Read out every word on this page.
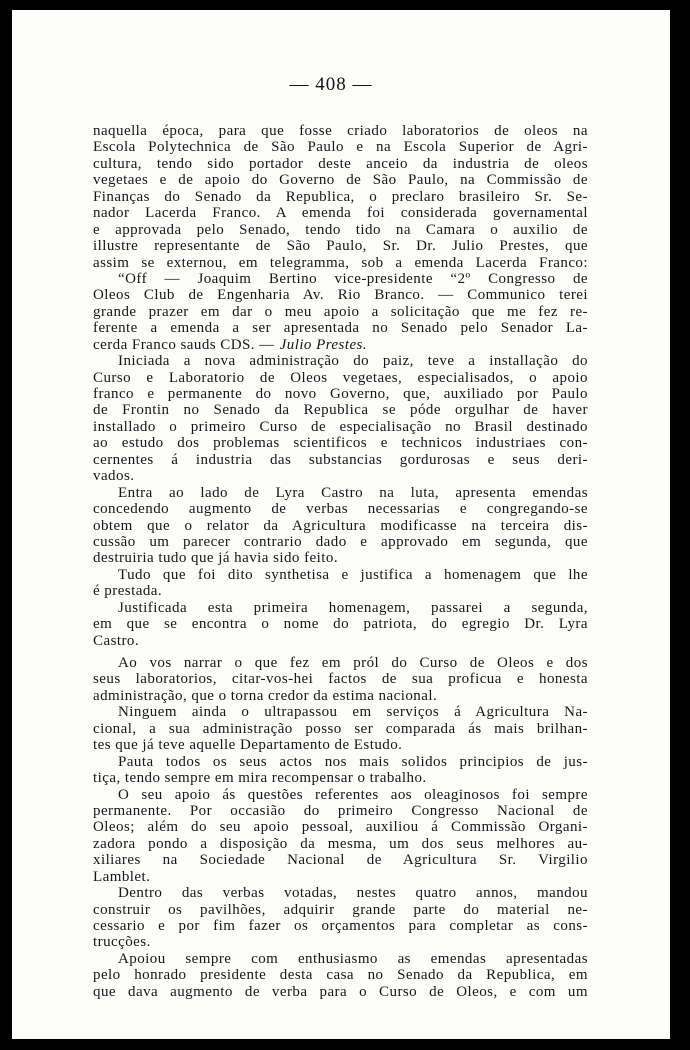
— 408 —
naquella época, para que fosse criado laboratorios de oleos na
Escola Polytechnica de São Paulo e na Escola Superior de Agri-
cultura, tendo sido portador deste anceio da industria de oleos
vegetaes e de apoio do Governo de São Paulo, na Commissão de
Finanças do Senado da Republica, o preclaro brasileiro Sr. Se-
nador Lacerda Franco. A emenda foi considerada governamental
e approvada pelo Senado, tendo tido na Camara o auxilio de
illustre representante de São Paulo, Sr. Dr. Julio Prestes, que
assim se externou, em telegramma, sob a emenda Lacerda Franco:
“Off — Joaquim Bertino vice-presidente “2º Congresso de
Oleos Club de Engenharia Av. Rio Branco. — Communico terei
grande prazer em dar o meu apoio a solicitação que me fez re-
ferente a emenda a ser apresentada no Senado pelo Senador La-
cerda Franco sauds CDS. — Julio Prestes.
Iniciada a nova administração do paiz, teve a installação do
Curso e Laboratorio de Oleos vegetaes, especialisados, o apoio
franco e permanente do novo Governo, que, auxiliado por Paulo
de Frontin no Senado da Republica se póde orgulhar de haver
installado o primeiro Curso de especialisação no Brasil destinado
ao estudo dos problemas scientificos e technicos industriaes con-
cernentes á industria das substancias gordurosas e seus deri-
vados.
Entra ao lado de Lyra Castro na luta, apresenta emendas
concedendo augmento de verbas necessarias e congregando-se
obtem que o relator da Agricultura modificasse na terceira dis-
cussão um parecer contrario dado e approvado em segunda, que
destruiria tudo que já havia sido feito.
Tudo que foi dito synthetisa e justifica a homenagem que lhe
é prestada.
Justificada esta primeira homenagem, passarei a segunda,
em que se encontra o nome do patriota, do egregio Dr. Lyra
Castro.
Ao vos narrar o que fez em pról do Curso de Oleos e dos
seus laboratorios, citar-vos-hei factos de sua proficua e honesta
administração, que o torna credor da estima nacional.
Ninguem ainda o ultrapassou em serviços á Agricultura Na-
cional, a sua administração posso ser comparada ás mais brilhan-
tes que já teve aquelle Departamento de Estudo.
Pauta todos os seus actos nos mais solidos principios de jus-
tiça, tendo sempre em mira recompensar o trabalho.
O seu apoio ás questões referentes aos oleaginosos foi sempre
permanente. Por occasião do primeiro Congresso Nacional de
Oleos; além do seu apoio pessoal, auxiliou á Commissão Organi-
zadora pondo a disposição da mesma, um dos seus melhores au-
xiliares na Sociedade Nacional de Agricultura Sr. Virgilio
Lamblet.
Dentro das verbas votadas, nestes quatro annos, mandou
construir os pavilhões, adquirir grande parte do material ne-
cessario e por fim fazer os orçamentos para completar as cons-
trucções.
Apoiou sempre com enthusiasmo as emendas apresentadas
pelo honrado presidente desta casa no Senado da Republica, em
que dava augmento de verba para o Curso de Oleos, e com um
